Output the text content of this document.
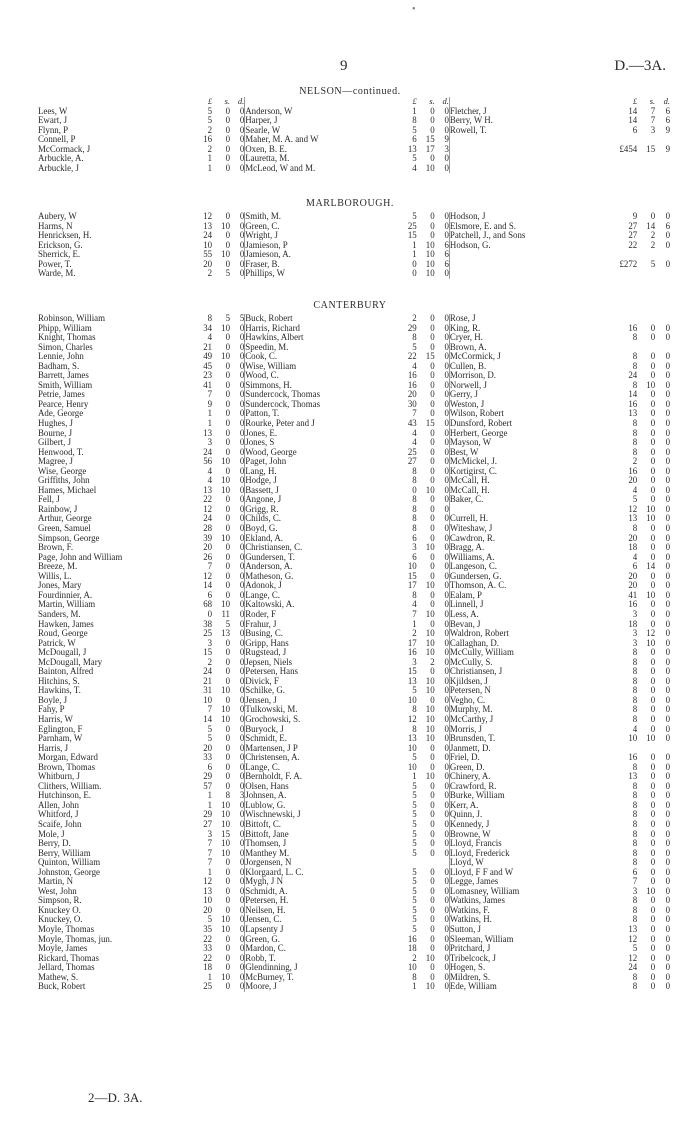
•
9	D.—3A.
NELSON—continued.
	£	s.	d.		£	s.	d.		£	s.	d.
Lees, W	5	0	0	Anderson, W	1	0	0	Fletcher, J	14	7	6
Ewart, J	5	0	0	Harper, J	8	0	0	Berry, W H.	14	7	6
Flynn, P	2	0	0	Searle, W	5	0	0	Rowell, T.	6	3	9
Connell, P	16	0	0	Maher, M. A. and W	6	15	9				
McCormack, J	2	0	0	Oxen, B. E.	13	17	3		£454	15	9
Arbuckle, A.	1	0	0	Lauretta, M.	5	0	0				
Arbuckle, J	1	0	0	McLeod, W and M.	4	10	0				
MARLBOROUGH.
Aubery, W	12	0	0	Smith, M.	5	0	0	Hodson, J	9	0	0
Harms, N	13	10	0	Green, C.	25	0	0	Elsmore, E. and S.	27	14	6
Henricksen, H.	24	0	0	Wright, J	15	0	0	Patchell, J., and Sons	27	2	0
Erickson, G.	10	0	0	Jamieson, P	1	10	6	Hodson, G.	22	2	0
Sherrick, E.	55	10	0	Jamieson, A.	1	10	6				
Power, T.	20	0	0	Fraser, B.	0	10	6		£272	5	0
Warde, M.	2	5	0	Phillips, W	0	10	0				
CANTERBURY
Robinson, William	8	5	5	Buck, Robert	2	0	0	Rose, J			
Phipp, William	34	10	0	Harris, Richard	29	0	0	King, R.	16	0	0
Knight, Thomas	4	0	0	Hawkins, Albert	8	0	0	Cryer, H.	8	0	0
Simon, Charles	21	0	0	Speedin, M.	5	0	0	Brown, A.			
Lennie, John	49	10	0	Cook, C.	22	15	0	McCormick, J	8	0	0
Badham, S.	45	0	0	Wise, William	4	0	0	Cullen, B.	8	0	0
Barrett, James	23	0	0	Wood, C.	16	0	0	Morrison, D.	24	0	0
Smith, William	41	0	0	Simmons, H.	16	0	0	Norwell, J	8	10	0
Petrie, James	7	0	0	Sundercock, Thomas	20	0	0	Gerry, J	14	0	0
Pearce, Henry	9	0	0	Sundercock, Thomas	30	0	0	Weston, J	16	0	0
Ade, George	1	0	0	Patton, T.	7	0	0	Wilson, Robert	13	0	0
Hughes, J	1	0	0	Rourke, Peter and J	43	15	0	Dunsford, Robert	8	0	0
Bourne, J	13	0	0	Jones, E.	4	0	0	Herbert, George	8	0	0
Gilbert, J	3	0	0	Jones, S	4	0	0	Mayson, W	8	0	0
Henwood, T.	24	0	0	Wood, George	25	0	0	Best, W	8	0	0
Magree, J	56	10	0	Paget, John	27	0	0	McMickel, J.	2	0	0
Wise, George	4	0	0	Lang, H.	8	0	0	Kortigirst, C.	16	0	0
Griffiths, John	4	10	0	Hodge, J	8	0	0	McCall, H.	20	0	0
Hames, Michael	13	10	0	Bassett, J	0	10	0	McCall, H.	4	0	0
Fell, J	22	0	0	Angone, J	8	0	0	Baker, C.	5	0	0
Rainbow, J	12	0	0	Grigg, R.	8	0	0		12	10	0
Arthur, George	24	0	0	Childs, C.	8	0	0	Currell, H.	13	10	0
Green, Samuel	28	0	0	Boyd, G.	8	0	0	Witeshaw, J	8	0	0
Simpson, George	39	10	0	Ekland, A.	6	0	0	Cawdron, R.	20	0	0
Brown, F.	20	0	0	Christiansen, C.	3	10	0	Bragg, A.	18	0	0
Page, John and William	26	0	0	Gundersen, T.	6	0	0	Williams, A.	4	0	0
Breeze, M.	7	0	0	Anderson, A.	10	0	0	Langeson, C.	6	14	0
Willis, L.	12	0	0	Matheson, G.	15	0	0	Gundersen, G.	20	0	0
Jones, Mary	14	0	0	Adonok, J	17	10	0	Thomson, A. C.	20	0	0
Fourdinnier, A.	6	0	0	Lange, C.	8	0	0	Ealam, P	41	10	0
Martin, William	68	10	0	Kaltowski, A.	4	0	0	Linnell, J	16	0	0
Sanders, M.	0	11	0	Roder, F	7	10	0	Less, A.	3	0	0
Hawken, James	38	5	0	Frahur, J	1	0	0	Bevan, J	18	0	0
Roud, George	25	13	0	Busing, C.	2	10	0	Waldron, Robert	3	12	0
Patrick, W	3	0	0	Gripp, Hans	17	10	0	Callaghan, D.	3	10	0
McDougall, J	15	0	0	Rugstead, J	16	10	0	McCully, William	8	0	0
McDougall, Mary	2	0	0	Jepsen, Niels	3	2	0	McCully, S.	8	0	0
Bainton, Alfred	24	0	0	Petersen, Hans	15	0	0	Christiansen, J	8	0	0
Hitchins, S.	21	0	0	Divick, F	13	10	0	Kjildsen, J	8	0	0
Hawkins, T.	31	10	0	Schilke, G.	5	10	0	Petersen, N	8	0	0
Boyle, J	10	0	0	Jensen, J	10	0	0	Vegho, C.	8	0	0
Fahy, P	7	10	0	Tulkowski, M.	8	10	0	Murphy, M.	8	0	0
Harris, W	14	10	0	Grochowski, S.	12	10	0	McCarthy, J	8	0	0
Eglington, F	5	0	0	Buryock, J	8	10	0	Morris, J	4	0	0
Parnham, W	5	0	0	Schmidt, E.	13	10	0	Brunsden, T.	10	10	0
Harris, J	20	0	0	Martensen, J P	10	0	0	Janmett, D.			
Morgan, Edward	33	0	0	Christensen, A.	5	0	0	Friel, D.	16	0	0
Brown, Thomas	6	0	0	Lange, C.	10	0	0	Green, D.	8	0	0
Whitburn, J	29	0	0	Bernholdt, F. A.	1	10	0	Chinery, A.	13	0	0
Clithers, William.	57	0	0	Olsen, Hans	5	0	0	Crawford, R.	8	0	0
Hutchinson, E.	1	8	3	Johnsen, A.	5	0	0	Burke, William	8	0	0
Allen, John	1	10	0	Lublow, G.	5	0	0	Kerr, A.	8	0	0
Whitford, J	29	10	0	Wischnewski, J	5	0	0	Quinn, J.	8	0	0
Scaife, John	27	10	0	Bittoft, C.	5	0	0	Kennedy, J	8	0	0
Mole, J	3	15	0	Bittoft, Jane	5	0	0	Browne, W	8	0	0
Berry, D.	7	10	0	Thomsen, J	5	0	0	Lloyd, Francis	8	0	0
Berry, William	7	10	0	Manthey M.	5	0	0	Lloyd, Frederick	8	0	0
Quinton, William	7	0	0	Jorgensen, N				Lloyd, W	8	0	0
Johnston, George	1	0	0	Klorgaard, L. C.	5	0	0	Lloyd, F F and W	6	0	0
Martin, N	12	0	0	Mygh, J N	5	0	0	Legge, James	7	0	0
West, John	13	0	0	Schmidt, A.	5	0	0	Lomasney, William	3	10	0
Simpson, R.	10	0	0	Petersen, H.	5	0	0	Watkins, James	8	0	0
Knuckey O.	20	0	0	Neilsen, H.	5	0	0	Watkins, F.	8	0	0
Knuckey, O.	5	10	0	Jensen, C.	5	0	0	Watkins, H.	8	0	0
Moyle, Thomas	35	10	0	Lapsenty J	5	0	0	Sutton, J	13	0	0
Moyle, Thomas, jun.	22	0	0	Green, G.	16	0	0	Sleeman, William	12	0	0
Moyle, James	33	0	0	Mardon, C.	18	0	0	Pritchard, J	5	0	0
Rickard, Thomas	22	0	0	Robb, T.	2	10	0	Tribelcock, J	12	0	0
Jellard, Thomas	18	0	0	Glendinning, J	10	0	0	Hogen, S.	24	0	0
Mathew, S.	1	10	0	McBurney, T.	8	0	0	Mildren, S.	8	0	0
Buck, Robert	25	0	0	Moore, J	1	10	0	Ede, William	8	0	0
2—D. 3A.
